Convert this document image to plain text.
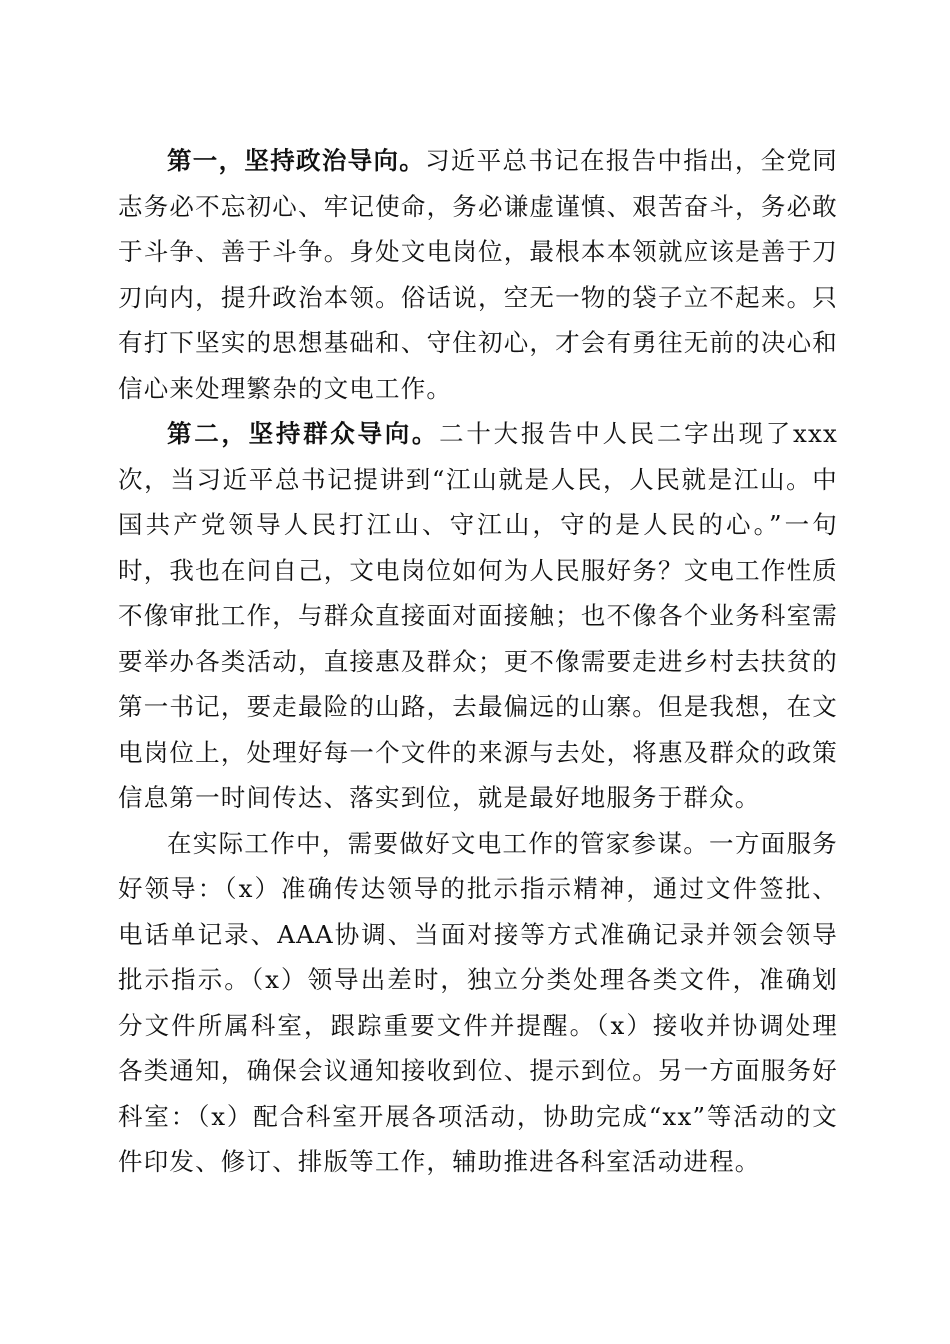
第一，坚持政治导向。习近平总书记在报告中指出，全党同志务必不忘初心、牢记使命，务必谦虚谨慎、艰苦奋斗，务必敢于斗争、善于斗争。身处文电岗位，最根本本领就应该是善于刀刃向内，提升政治本领。俗话说，空无一物的袋子立不起来。只有打下坚实的思想基础和、守住初心，才会有勇往无前的决心和信心来处理繁杂的文电工作。

第二，坚持群众导向。二十大报告中人民二字出现了xxx次，当习近平总书记提讲到“江山就是人民，人民就是江山。中国共产党领导人民打江山、守江山，守的是人民的心。”一句时，我也在问自己，文电岗位如何为人民服好务？文电工作性质不像审批工作，与群众直接面对面接触；也不像各个业务科室需要举办各类活动，直接惠及群众；更不像需要走进乡村去扶贫的第一书记，要走最险的山路，去最偏远的山寨。但是我想，在文电岗位上，处理好每一个文件的来源与去处，将惠及群众的政策信息第一时间传达、落实到位，就是最好地服务于群众。

在实际工作中，需要做好文电工作的管家参谋。一方面服务好领导：（x）准确传达领导的批示指示精神，通过文件签批、电话单记录、AAA协调、当面对接等方式准确记录并领会领导批示指示。（x）领导出差时，独立分类处理各类文件，准确划分文件所属科室，跟踪重要文件并提醒。（x）接收并协调处理各类通知，确保会议通知接收到位、提示到位。另一方面服务好科室：（x）配合科室开展各项活动，协助完成“xx”等活动的文件印发、修订、排版等工作，辅助推进各科室活动进程。
